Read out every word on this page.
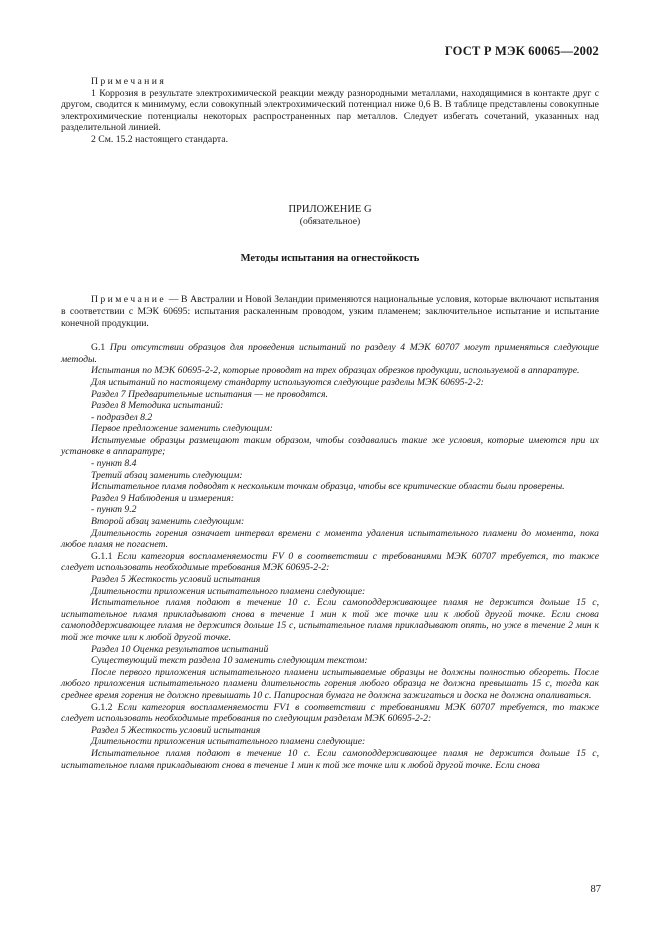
ГОСТ Р МЭК 60065—2002

Примечания

1 Коррозия в результате электрохимической реакции между разнородными металлами, находящимися в контакте друг с другом, сводится к минимуму, если совокупный электрохимический потенциал ниже 0,6 В. В таблице представлены совокупные электрохимические потенциалы некоторых распространенных пар металлов. Следует избегать сочетаний, указанных над разделительной линией.

2 См. 15.2 настоящего стандарта.

ПРИЛОЖЕНИЕ G

(обязательное)

Методы испытания на огнестойкость

Примечание — В Австралии и Новой Зеландии применяются национальные условия, которые включают испытания в соответствии с МЭК 60695: испытания раскаленным проводом, узким пламенем; заключительное испытание и испытание конечной продукции.

G.1 При отсутствии образцов для проведения испытаний по разделу 4 МЭК 60707 могут применяться следующие методы.

Испытания по МЭК 60695-2-2, которые проводят на трех образцах обрезков продукции, используемой в аппаратуре.

Для испытаний по настоящему стандарту используются следующие разделы МЭК 60695-2-2:

Раздел 7 Предварительные испытания — не проводятся.

Раздел 8 Методика испытаний:

- подраздел 8.2

Первое предложение заменить следующим:

Испытуемые образцы размещают таким образом, чтобы создавались такие же условия, которые имеются при их установке в аппаратуре;

- пункт 8.4

Третий абзац заменить следующим:

Испытательное пламя подводят к нескольким точкам образца, чтобы все критические области были проверены.

Раздел 9 Наблюдения и измерения:

- пункт 9.2

Второй абзац заменить следующим:

Длительность горения означает интервал времени с момента удаления испытательного пламени до момента, пока любое пламя не погаснет.

G.1.1 Если категория воспламеняемости FV 0 в соответствии с требованиями МЭК 60707 требуется, то также следует использовать необходимые требования МЭК 60695-2-2:

Раздел 5 Жесткость условий испытания

Длительности приложения испытательного пламени следующие:

Испытательное пламя подают в течение 10 с. Если самоподдерживающее пламя не держится дольше 15 с, испытательное пламя прикладывают снова в течение 1 мин к той же точке или к любой другой точке. Если снова самоподдерживающее пламя не держится дольше 15 с, испытательное пламя прикладывают опять, но уже в течение 2 мин к той же точке или к любой другой точке.

Раздел 10 Оценка результатов испытаний

Существующий текст раздела 10 заменить следующим текстом:

После первого приложения испытательного пламени испытываемые образцы не должны полностью обгореть. После любого приложения испытательного пламени длительность горения любого образца не должна превышать 15 с, тогда как среднее время горения не должно превышать 10 с. Папиросная бумага не должна зажигаться и доска не должна опаливаться.

G.1.2 Если категория воспламеняемости FV1 в соответствии с требованиями МЭК 60707 требуется, то также следует использовать необходимые требования по следующим разделам МЭК 60695-2-2:

Раздел 5 Жесткость условий испытания

Длительности приложения испытательного пламени следующие:

Испытательное пламя подают в течение 10 с. Если самоподдерживающее пламя не держится дольше 15 с, испытательное пламя прикладывают снова в течение 1 мин к той же точке или к любой другой точке. Если снова

87
